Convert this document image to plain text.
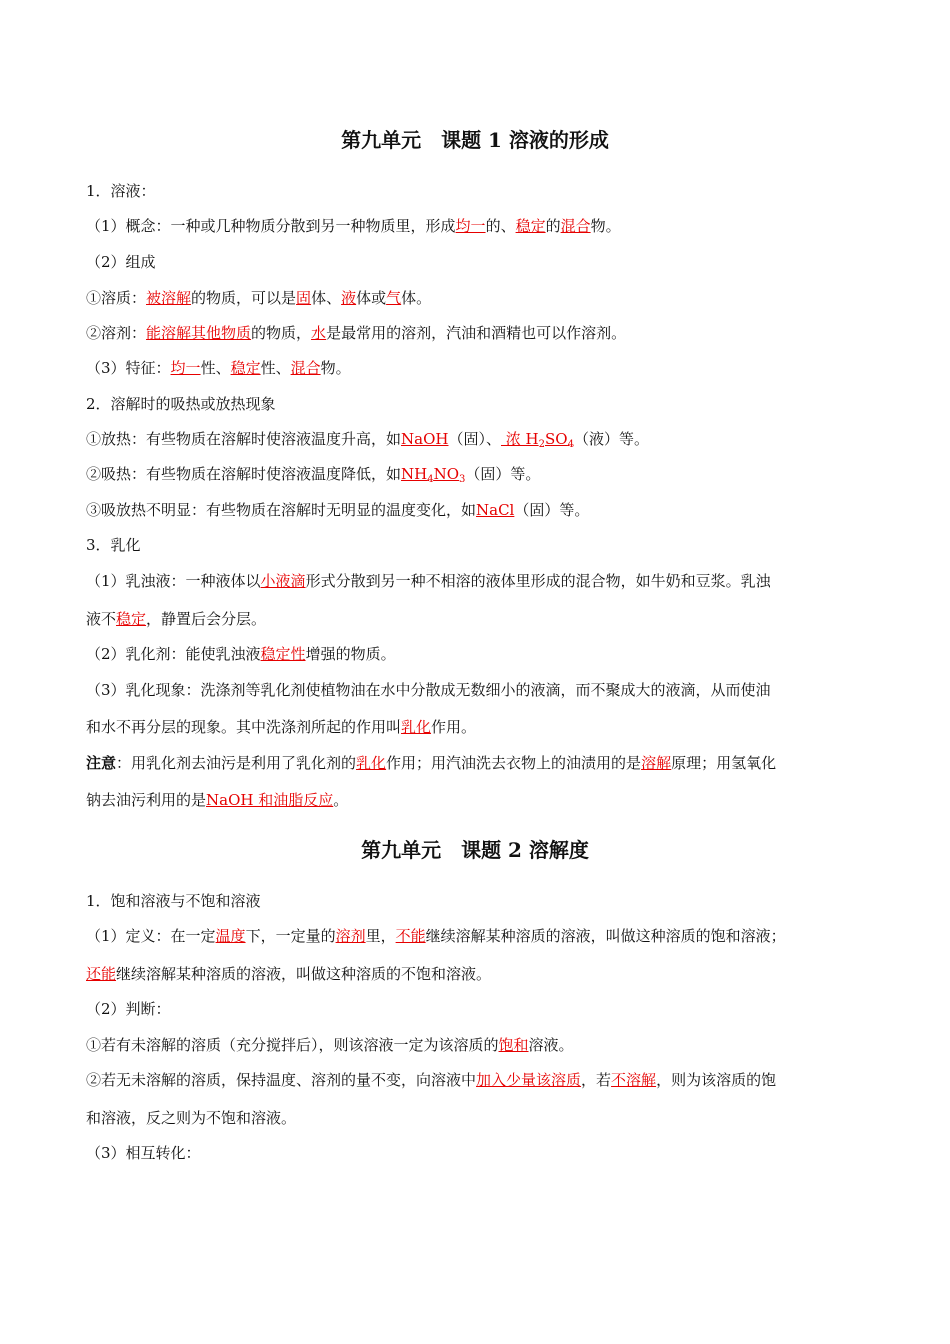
第九单元　课题 1 溶液的形成
1．溶液：
（1）概念：一种或几种物质分散到另一种物质里，形成均一的、稳定的混合物。
（2）组成
①溶质：被溶解的物质，可以是固体、液体或气体。
②溶剂：能溶解其他物质的物质，水是最常用的溶剂，汽油和酒精也可以作溶剂。
（3）特征：均一性、稳定性、混合物。
2．溶解时的吸热或放热现象
①放热：有些物质在溶解时使溶液温度升高，如NaOH（固）、 浓 $H_2SO_4$（液）等。
②吸热：有些物质在溶解时使溶液温度降低，如$NH_4NO_3$（固）等。
③吸放热不明显：有些物质在溶解时无明显的温度变化，如NaCl（固）等。
3．乳化
（1）乳浊液：一种液体以小液滴形式分散到另一种不相溶的液体里形成的混合物，如牛奶和豆浆。乳浊
液不稳定，静置后会分层。
（2）乳化剂：能使乳浊液稳定性增强的物质。
（3）乳化现象：洗涤剂等乳化剂使植物油在水中分散成无数细小的液滴，而不聚成大的液滴，从而使油
和水不再分层的现象。其中洗涤剂所起的作用叫乳化作用。
注意：用乳化剂去油污是利用了乳化剂的乳化作用；用汽油洗去衣物上的油渍用的是溶解原理；用氢氧化
钠去油污利用的是NaOH 和油脂反应。
第九单元　课题 2 溶解度
1．饱和溶液与不饱和溶液
（1）定义：在一定温度下，一定量的溶剂里，不能继续溶解某种溶质的溶液，叫做这种溶质的饱和溶液；
还能继续溶解某种溶质的溶液，叫做这种溶质的不饱和溶液。
（2）判断：
①若有未溶解的溶质（充分搅拌后），则该溶液一定为该溶质的饱和溶液。
②若无未溶解的溶质，保持温度、溶剂的量不变，向溶液中加入少量该溶质，若不溶解，则为该溶质的饱
和溶液，反之则为不饱和溶液。
（3）相互转化：
